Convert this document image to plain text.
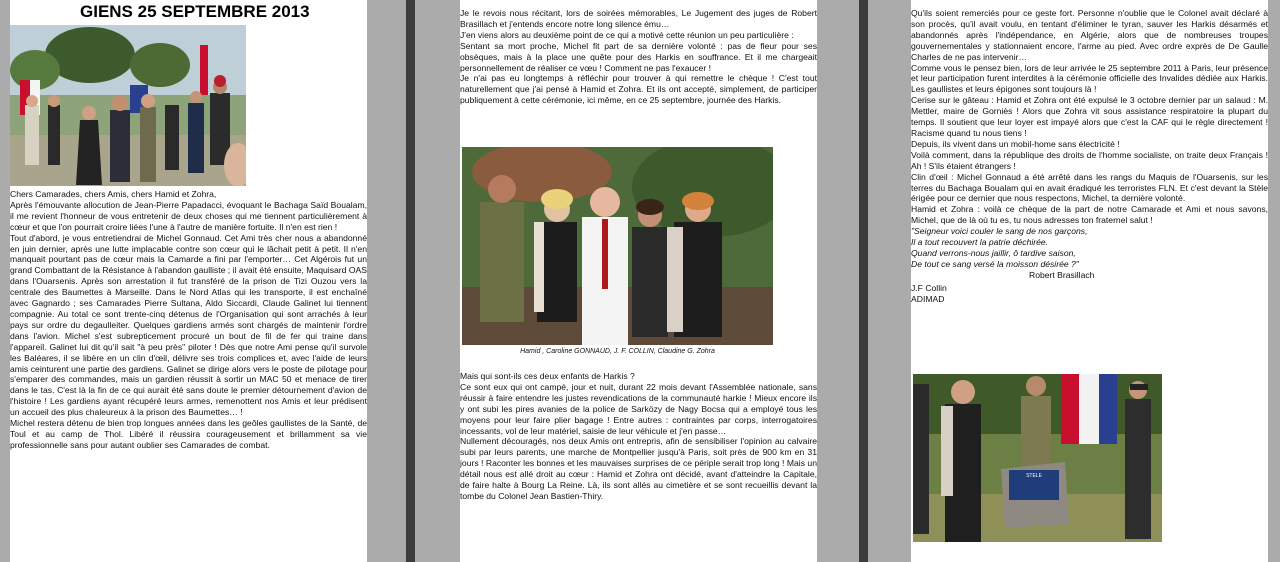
GIENS 25 SEPTEMBRE 2013

Chers Camarades, chers Amis, chers Hamid et Zohra,

Après l'émouvante allocution de Jean-Pierre Papadacci, évoquant le Bachaga Saïd Boualam, il me revient l'honneur de vous entretenir de deux choses qui me tiennent particulièrement à cœur et que l'on pourrait croire liées l'une à l'autre de manière fortuite. Il n'en est rien !

Tout d'abord, je vous entretiendrai de Michel Gonnaud. Cet Ami très cher nous a abandonné en juin dernier, après une lutte implacable contre son cœur qui le lâchait petit à petit. Il n'en manquait pourtant pas de cœur mais la Camarde a fini par l'emporter… Cet Algérois fut un grand Combattant de la Résistance à l'abandon gaulliste ; il avait été ensuite, Maquisard OAS dans l'Ouarsenis. Après son arrestation il fut transféré de la prison de Tizi Ouzou vers la centrale des Baumettes à Marseille. Dans le Nord Atlas qui les transporte, il est enchaîné avec Gagnardo ; ses Camarades Pierre Sultana, Aldo Siccardi, Claude Galinet lui tiennent compagnie. Au total ce sont trente-cinq détenus de l'Organisation qui sont arrachés à leur pays sur ordre du degaulleiter. Quelques gardiens armés sont chargés de maintenir l'ordre dans l'avion. Michel s'est subrepticement procuré un bout de fil de fer qui traine dans l'appareil. Galinet lui dit qu'il sait "à peu près" piloter ! Dès que notre Ami pense qu'il survole les Baléares, il se libère en un clin d'œil, délivre ses trois complices et, avec l'aide de leurs amis ceinturent une partie des gardiens. Galinet se dirige alors vers le poste de pilotage pour s'emparer des commandes, mais un gardien réussit à sortir un MAC 50 et menace de tirer dans le tas. C'est là la fin de ce qui aurait été sans doute le premier détournement d'avion de l'histoire ! Les gardiens ayant récupéré leurs armes, remenottent nos Amis et leur prédisent un accueil des plus chaleureux à la prison des Baumettes… !

Michel restera détenu de bien trop longues années dans les geôles gaullistes de la Santé, de Toul et au camp de Thol. Libéré il réussira courageusement et brillamment sa vie professionnelle sans pour autant oublier ses Camarades de combat.

Je le revois nous récitant, lors de soirées mémorables, Le Jugement des juges de Robert Brasillach et j'entends encore notre long silence ému…

J'en viens alors au deuxième point de ce qui a motivé cette réunion un peu particulière :

Sentant sa mort proche, Michel fit part de sa dernière volonté : pas de fleur pour ses obsèques, mais à la place une quête pour des Harkis en souffrance. Et il me chargeait personnellement de réaliser ce vœu ! Comment ne pas l'exaucer !

Je n'ai pas eu longtemps à réfléchir pour trouver à qui remettre le chèque ! C'est tout naturellement que j'ai pensé à Hamid et Zohra. Et ils ont accepté, simplement, de participer publiquement à cette cérémonie, ici même, en ce 25 septembre, journée des Harkis.

Hamid , Caroline GONNAUD, J. F. COLLIN, Claudine G. Zohra

Mais qui sont-ils ces deux enfants de Harkis ?

Ce sont eux qui ont campé, jour et nuit, durant 22 mois devant l'Assemblée nationale, sans réussir à faire entendre les justes revendications de la communauté harkie ! Mieux encore ils y ont subi les pires avanies de la police de Sarközy de Nagy Bocsa qui a employé tous les moyens pour leur faire plier bagage ! Entre autres : contraintes par corps, interrogatoires incessants, vol de leur matériel, saisie de leur véhicule et j'en passe…

Nullement découragés, nos deux Amis ont entrepris, afin de sensibiliser l'opinion au calvaire subi par leurs parents, une marche de Montpellier jusqu'à Paris, soit près de 900 km en 31 jours ! Raconter les bonnes et les mauvaises surprises de ce périple serait trop long ! Mais un détail nous est allé droit au cœur : Hamid et Zohra ont décidé, avant d'atteindre la Capitale, de faire halte à Bourg La Reine. Là, ils sont allés au cimetière et se sont recueillis devant la tombe du Colonel Jean Bastien-Thiry.

Qu'ils soient remerciés pour ce geste fort. Personne n'oublie que le Colonel avait déclaré à son procès, qu'il avait voulu, en tentant d'éliminer le tyran, sauver les Harkis désarmés et abandonnés après l'indépendance, en Algérie, alors que de nombreuses troupes gouvernementales y stationnaient encore, l'arme au pied. Avec ordre exprès de De Gaulle Charles de ne pas intervenir…

Comme vous le pensez bien, lors de leur arrivée le 25 septembre 2011 à Paris, leur présence et leur participation furent interdites à la cérémonie officielle des Invalides dédiée aux Harkis. Les gaullistes et leurs épigones sont toujours là !

Cerise sur le gâteau : Hamid et Zohra ont été expulsé le 3 octobre dernier par un salaud : M. Mettler, maire de Gorniès ! Alors que Zohra vit sous assistance respiratoire la plupart du temps. Il soutient que leur loyer est impayé alors que c'est la CAF qui le règle directement ! Racisme quand tu nous tiens !

Depuis, ils vivent dans un mobil-home sans électricité !

Voilà comment, dans la république des droits de l'homme socialiste, on traite deux Français ! Ah ! S'ils étaient étrangers !

Clin d'œil : Michel Gonnaud a été arrêté dans les rangs du Maquis de l'Ouarsenis, sur les terres du Bachaga Boualam qui en avait éradiqué les terroristes FLN. Et c'est devant la Stèle érigée pour ce dernier que nous respectons, Michel, ta dernière volonté.

Hamid et Zohra : voilà ce chèque de la part de notre Camarade et Ami et nous savons, Michel, que de là où tu es, tu nous adresses ton fraternel salut !

"Seigneur voici couler le sang de nos garçons,

Il a tout recouvert la patrie déchirée.

Quand verrons-nous jaillir, ô tardive saison,

De tout ce sang versé la moisson désirée ?"

Robert Brasillach

J.F Collin

ADIMAD

STELE
